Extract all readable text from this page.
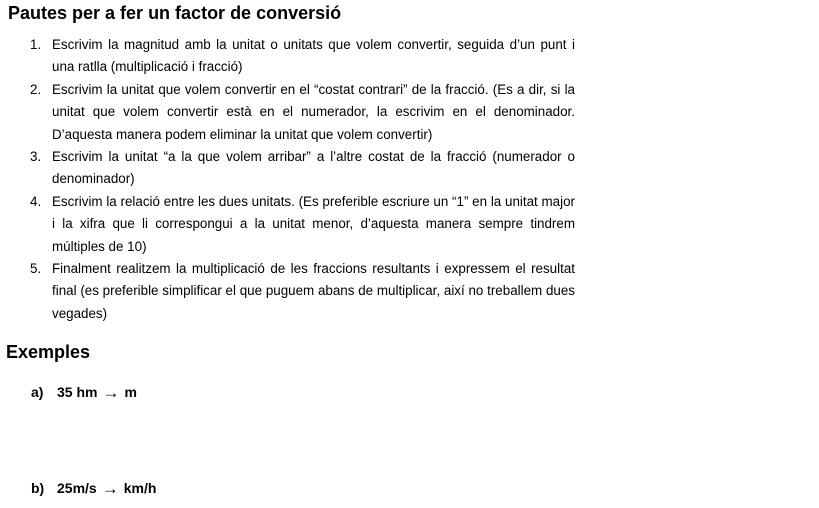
Pautes per a fer un factor de conversió
1. Escrivim la magnitud amb la unitat o unitats que volem convertir, seguida d’un punt i una ratlla (multiplicació i fracció)
2. Escrivim la unitat que volem convertir en el “costat contrari” de la fracció. (Es a dir, si la unitat que volem convertir està en el numerador, la escrivim en el denominador. D’aquesta manera podem eliminar la unitat que volem convertir)
3. Escrivim la unitat “a la que volem arribar” a l’altre costat de la fracció (numerador o denominador)
4. Escrivim la relació entre les dues unitats. (Es preferible escriure un “1” en la unitat major i la xifra que li correspongui a la unitat menor, d’aquesta manera sempre tindrem múltiples de 10)
5. Finalment realitzem la multiplicació de les fraccions resultants i expressem el resultat final (es preferible simplificar el que puguem abans de multiplicar, així no treballem dues vegades)
Exemples
a) 35 hm → m
b) 25m/s → km/h
